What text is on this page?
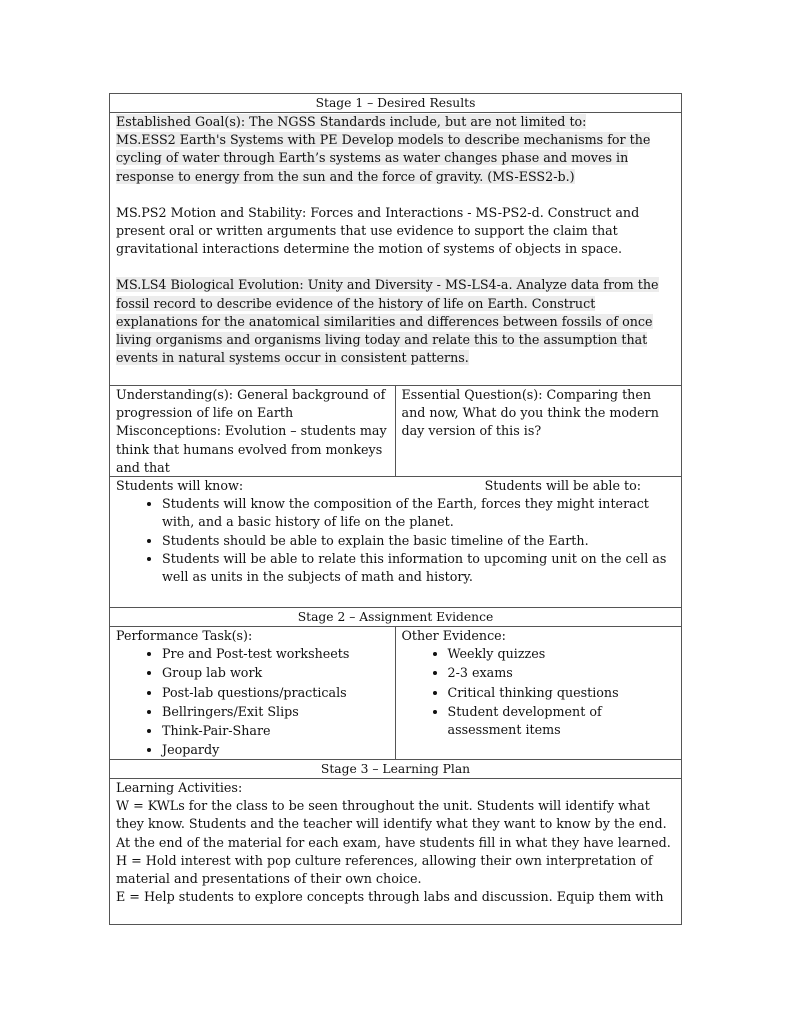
Stage 1 – Desired Results

Established Goal(s): The NGSS Standards include, but are not limited to:

MS.ESS2 Earth's Systems with PE Develop models to describe mechanisms for the cycling of water through Earth’s systems as water changes phase and moves in response to energy from the sun and the force of gravity. (MS-ESS2-b.)

MS.PS2 Motion and Stability: Forces and Interactions - MS-PS2-d. Construct and present oral or written arguments that use evidence to support the claim that gravitational interactions determine the motion of systems of objects in space.

MS.LS4 Biological Evolution: Unity and Diversity - MS-LS4-a. Analyze data from the fossil record to describe evidence of the history of life on Earth. Construct explanations for the anatomical similarities and differences between fossils of once living organisms and organisms living today and relate this to the assumption that events in natural systems occur in consistent patterns.

Understanding(s): General background of progression of life on Earth Misconceptions: Evolution – students may think that humans evolved from monkeys and that
Essential Question(s): Comparing then and now, What do you think the modern day version of this is?
Students will know:	Students will be able to:
• Students will know the composition of the Earth, forces they might interact with, and a basic history of life on the planet.
• Students should be able to explain the basic timeline of the Earth.
• Students will be able to relate this information to upcoming unit on the cell as well as units in the subjects of math and history.
Stage 2 – Assignment Evidence
Performance Task(s):
• Pre and Post-test worksheets
• Group lab work
• Post-lab questions/practicals
• Bellringers/Exit Slips
• Think-Pair-Share
• Jeopardy
Other Evidence:
• Weekly quizzes
• 2-3 exams
• Critical thinking questions
• Student development of assessment items
Stage 3 – Learning Plan

Learning Activities:

W = KWLs for the class to be seen throughout the unit. Students will identify what they know. Students and the teacher will identify what they want to know by the end. At the end of the material for each exam, have students fill in what they have learned.

H = Hold interest with pop culture references, allowing their own interpretation of material and presentations of their own choice.

E = Help students to explore concepts through labs and discussion. Equip them with
